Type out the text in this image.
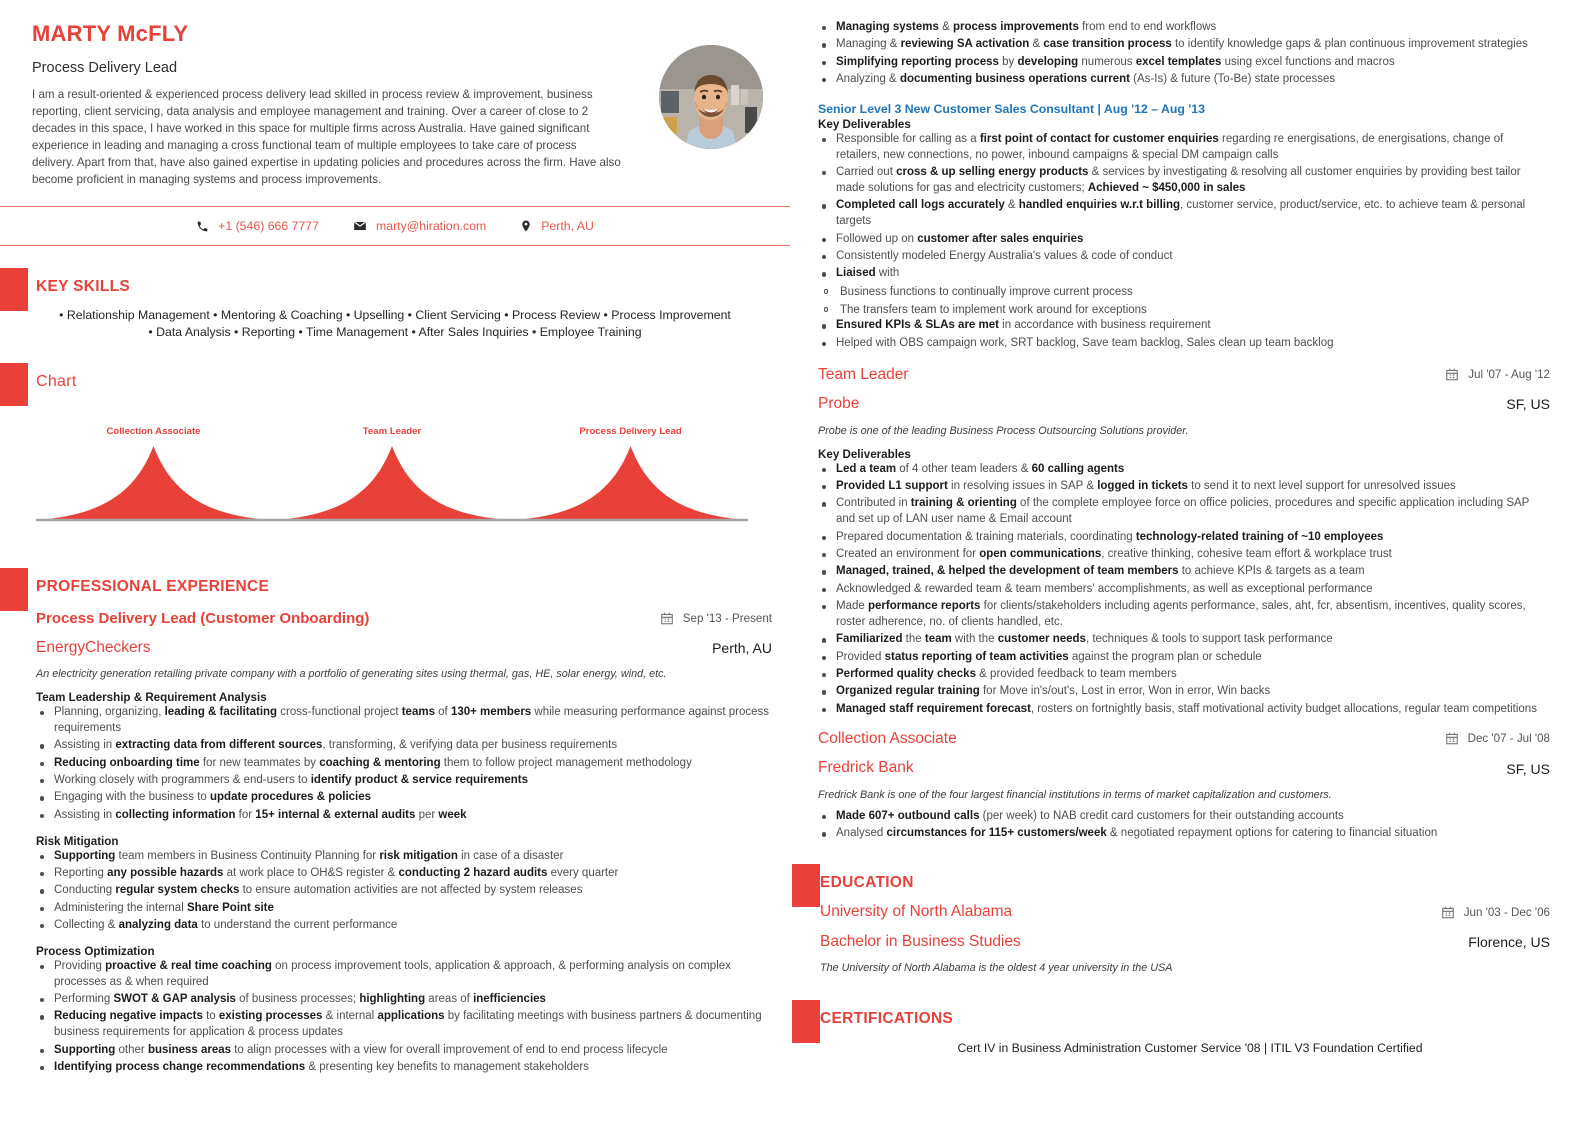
MARTY McFLY
Process Delivery Lead
I am a result-oriented & experienced process delivery lead skilled in process review & improvement, business reporting, client servicing, data analysis and employee management and training. Over a career of close to 2 decades in this space, I have worked in this space for multiple firms across Australia. Have gained significant experience in leading and managing a cross functional team of multiple employees to take care of process delivery. Apart from that, have also gained expertise in updating policies and procedures across the firm. Have also become proficient in managing systems and process improvements.
+1 (546) 666 7777	marty@hiration.com	Perth, AU
KEY SKILLS
• Relationship Management • Mentoring & Coaching • Upselling • Client Servicing • Process Review • Process Improvement
• Data Analysis • Reporting • Time Management • After Sales Inquiries • Employee Training
Chart
Collection Associate	Team Leader	Process Delivery Lead
PROFESSIONAL EXPERIENCE
Process Delivery Lead (Customer Onboarding)	Sep '13 - Present
EnergyCheckers	Perth, AU
An electricity generation retailing private company with a portfolio of generating sites using thermal, gas, HE, solar energy, wind, etc.
Team Leadership & Requirement Analysis
Planning, organizing, leading & facilitating cross-functional project teams of 130+ members while measuring performance against process requirements
Assisting in extracting data from different sources, transforming, & verifying data per business requirements
Reducing onboarding time for new teammates by coaching & mentoring them to follow project management methodology
Working closely with programmers & end-users to identify product & service requirements
Engaging with the business to update procedures & policies
Assisting in collecting information for 15+ internal & external audits per week
Risk Mitigation
Supporting team members in Business Continuity Planning for risk mitigation in case of a disaster
Reporting any possible hazards at work place to OH&S register & conducting 2 hazard audits every quarter
Conducting regular system checks to ensure automation activities are not affected by system releases
Administering the internal Share Point site
Collecting & analyzing data to understand the current performance
Process Optimization
Providing proactive & real time coaching on process improvement tools, application & approach, & performing analysis on complex processes as & when required
Performing SWOT & GAP analysis of business processes; highlighting areas of inefficiencies
Reducing negative impacts to existing processes & internal applications by facilitating meetings with business partners & documenting business requirements for application & process updates
Supporting other business areas to align processes with a view for overall improvement of end to end process lifecycle
Identifying process change recommendations & presenting key benefits to management stakeholders
Managing systems & process improvements from end to end workflows
Managing & reviewing SA activation & case transition process to identify knowledge gaps & plan continuous improvement strategies
Simplifying reporting process by developing numerous excel templates using excel functions and macros
Analyzing & documenting business operations current (As-Is) & future (To-Be) state processes
Senior Level 3 New Customer Sales Consultant | Aug '12 – Aug '13
Key Deliverables
Responsible for calling as a first point of contact for customer enquiries regarding re energisations, de energisations, change of retailers, new connections, no power, inbound campaigns & special DM campaign calls
Carried out cross & up selling energy products & services by investigating & resolving all customer enquiries by providing best tailor made solutions for gas and electricity customers; Achieved ~ $450,000 in sales
Completed call logs accurately & handled enquiries w.r.t billing, customer service, product/service, etc. to achieve team & personal targets
Followed up on customer after sales enquiries
Consistently modeled Energy Australia's values & code of conduct
Liaised with
Business functions to continually improve current process
The transfers team to implement work around for exceptions
Ensured KPIs & SLAs are met in accordance with business requirement
Helped with OBS campaign work, SRT backlog, Save team backlog, Sales clean up team backlog
Team Leader	Jul '07 - Aug '12
Probe	SF, US
Probe is one of the leading Business Process Outsourcing Solutions provider.
Key Deliverables
Led a team of 4 other team leaders & 60 calling agents
Provided L1 support in resolving issues in SAP & logged in tickets to send it to next level support for unresolved issues
Contributed in training & orienting of the complete employee force on office policies, procedures and specific application including SAP and set up of LAN user name & Email account
Prepared documentation & training materials, coordinating technology-related training of ~10 employees
Created an environment for open communications, creative thinking, cohesive team effort & workplace trust
Managed, trained, & helped the development of team members to achieve KPIs & targets as a team
Acknowledged & rewarded team & team members' accomplishments, as well as exceptional performance
Made performance reports for clients/stakeholders including agents performance, sales, aht, fcr, absentism, incentives, quality scores, roster adherence, no. of clients handled, etc.
Familiarized the team with the customer needs, techniques & tools to support task performance
Provided status reporting of team activities against the program plan or schedule
Performed quality checks & provided feedback to team members
Organized regular training for Move in's/out's, Lost in error, Won in error, Win backs
Managed staff requirement forecast, rosters on fortnightly basis, staff motivational activity budget allocations, regular team competitions
Collection Associate	Dec '07 - Jul '08
Fredrick Bank	SF, US
Fredrick Bank is one of the four largest financial institutions in terms of market capitalization and customers.
Made 607+ outbound calls (per week) to NAB credit card customers for their outstanding accounts
Analysed circumstances for 115+ customers/week & negotiated repayment options for catering to financial situation
EDUCATION
University of North Alabama	Jun '03 - Dec '06
Bachelor in Business Studies	Florence, US
The University of North Alabama is the oldest 4 year university in the USA
CERTIFICATIONS
Cert IV in Business Administration Customer Service '08 | ITIL V3 Foundation Certified
